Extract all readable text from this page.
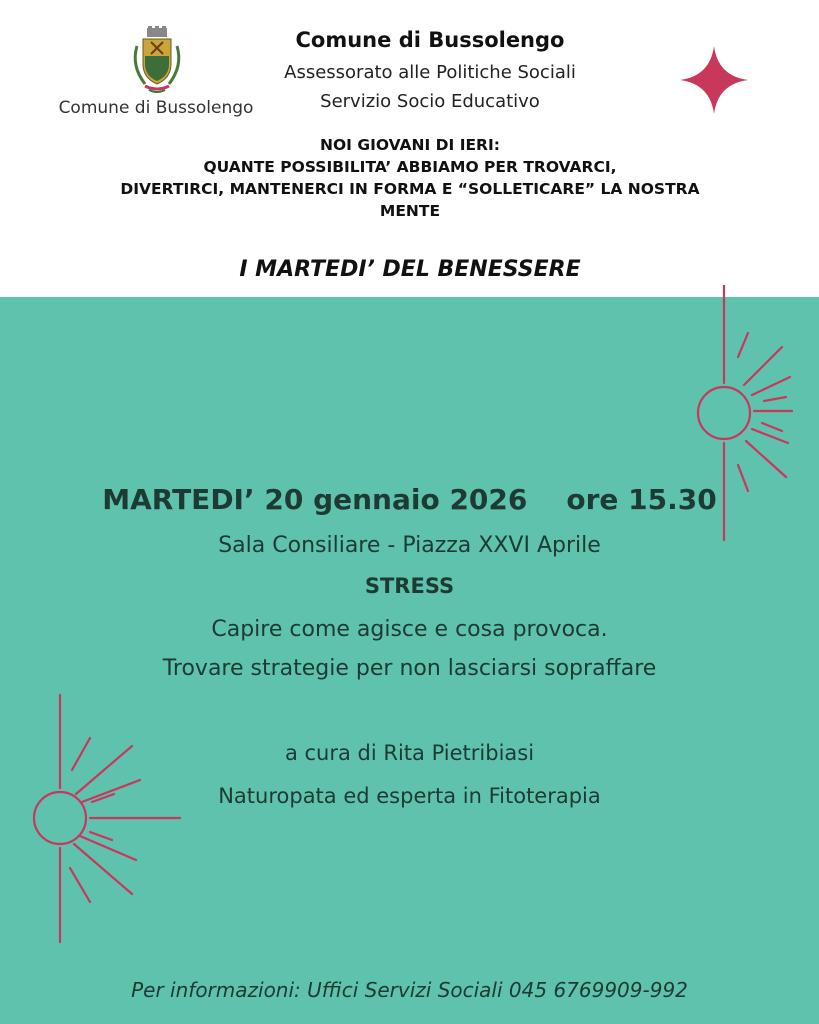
Comune di Bussolengo
Comune di Bussolengo
Assessorato alle Politiche Sociali
Servizio Socio Educativo
NOI GIOVANI DI IERI:
QUANTE POSSIBILITA’ ABBIAMO PER TROVARCI,
DIVERTIRCI, MANTENERCI IN FORMA E “SOLLETICARE” LA NOSTRA
MENTE
I MARTEDI’ DEL BENESSERE
MARTEDI’ 20 gennaio 2026 ore 15.30
Sala Consiliare - Piazza XXVI Aprile
STRESS
Capire come agisce e cosa provoca.
Trovare strategie per non lasciarsi sopraffare
a cura di Rita Pietribiasi
Naturopata ed esperta in Fitoterapia
Per informazioni: Uffici Servizi Sociali 045 6769909-992
